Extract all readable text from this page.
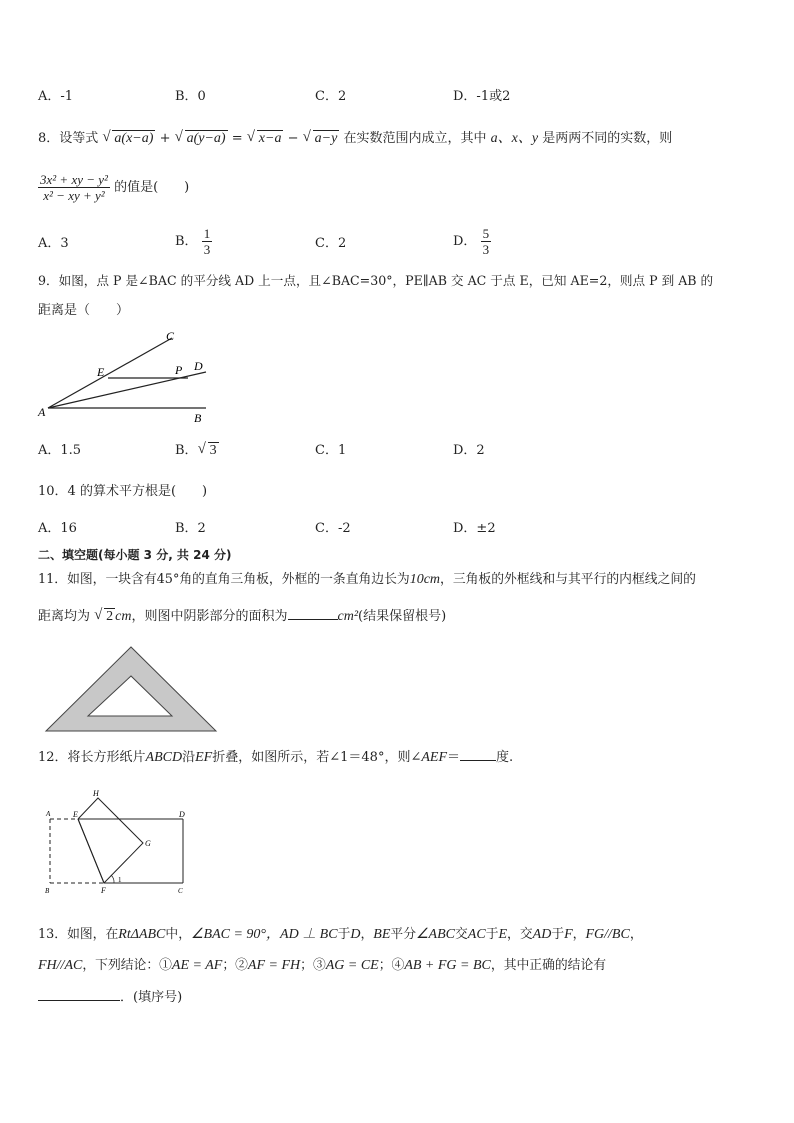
A．-1	B．0	C．2	D．-1或2
8．设等式 √ a(x−a) + √ a(y−a) = √ x−a − √ a−y 在实数范围内成立，其中 a、x、y 是两两不同的实数，则
$\frac{\text{3x² + xy − y²}}{\text{x² − xy + y²}}$ 的值是(　　)
A．3	B． $\frac{1}{3}$	C．2	D． $\frac{5}{3}$
9．如图，点 P 是∠BAC 的平分线 AD 上一点，且∠BAC=30°，PE∥AB 交 AC 于点 E，已知 AE=2，则点 P 到 AB 的
距离是（　　）
C
E	P D
A	B
A．1.5	B． √ 3	C．1	D．2
10．4 的算术平方根是(　　)
A．16	B．2	C．-2	D．±2
二、填空题(每小题 3 分, 共 24 分)
11．如图，一块含有45°角的直角三角板，外框的一条直角边长为10cm，三角板的外框线和与其平行的内框线之间的
距离均为 √ 2 cm，则图中阴影部分的面积为	cm²(结果保留根号)
12．将长方形纸片ABCD沿EF折叠，如图所示，若∠1＝48°，则∠AEF＝	度.
H
A	E	D
G
B	F	C
1
13．如图，在RtΔABC中，∠BAC = 90°，AD ⊥ BC于D，BE平分∠ABC交AC于E，交AD于F，FG//BC，
FH//AC，下列结论：①AE = AF；②AF = FH；③AG = CE；④AB + FG = BC，其中正确的结论有
．(填序号)
